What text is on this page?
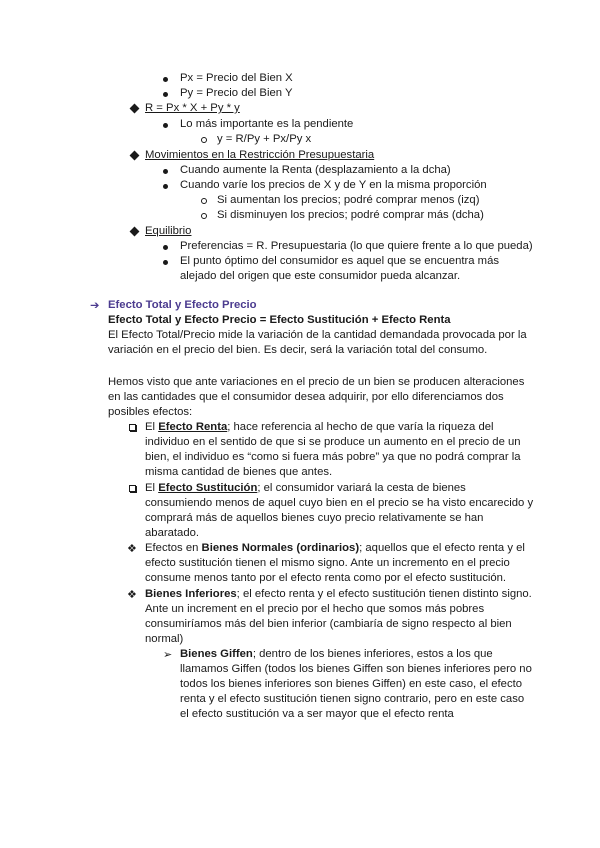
Px = Precio del Bien X
Py = Precio del Bien Y
R = Px * X + Py * y
Lo más importante es la pendiente
y = R/Py + Px/Py x
Movimientos en la Restricción Presupuestaria
Cuando aumente la Renta (desplazamiento a la dcha)
Cuando varíe los precios de X y de Y en la misma proporción
Si aumentan los precios; podré comprar menos (izq)
Si disminuyen los precios; podré comprar más (dcha)
Equilibrio
Preferencias = R. Presupuestaria (lo que quiere frente a lo que pueda)
El punto óptimo del consumidor es aquel que se encuentra más
alejado del origen que este consumidor pueda alcanzar.
➔ Efecto Total y Efecto Precio
Efecto Total y Efecto Precio = Efecto Sustitución + Efecto Renta
El Efecto Total/Precio mide la variación de la cantidad demandada provocada por la
variación en el precio del bien. Es decir, será la variación total del consumo.
Hemos visto que ante variaciones en el precio de un bien se producen alteraciones
en las cantidades que el consumidor desea adquirir, por ello diferenciamos dos
posibles efectos:
El Efecto Renta; hace referencia al hecho de que varía la riqueza del
individuo en el sentido de que si se produce un aumento en el precio de un
bien, el individuo es “como si fuera más pobre” ya que no podrá comprar la
misma cantidad de bienes que antes.
El Efecto Sustitución; el consumidor variará la cesta de bienes
consumiendo menos de aquel cuyo bien en el precio se ha visto encarecido y
comprará más de aquellos bienes cuyo precio relativamente se han
abaratado.
❖ Efectos en Bienes Normales (ordinarios); aquellos que el efecto renta y el
efecto sustitución tienen el mismo signo. Ante un incremento en el precio
consume menos tanto por el efecto renta como por el efecto sustitución.
❖ Bienes Inferiores; el efecto renta y el efecto sustitución tienen distinto signo.
Ante un increment en el precio por el hecho que somos más pobres
consumiríamos más del bien inferior (cambiaría de signo respecto al bien
normal)
➢ Bienes Giffen; dentro de los bienes inferiores, estos a los que
llamamos Giffen (todos los bienes Giffen son bienes inferiores pero no
todos los bienes inferiores son bienes Giffen) en este caso, el efecto
renta y el efecto sustitución tienen signo contrario, pero en este caso
el efecto sustitución va a ser mayor que el efecto renta
